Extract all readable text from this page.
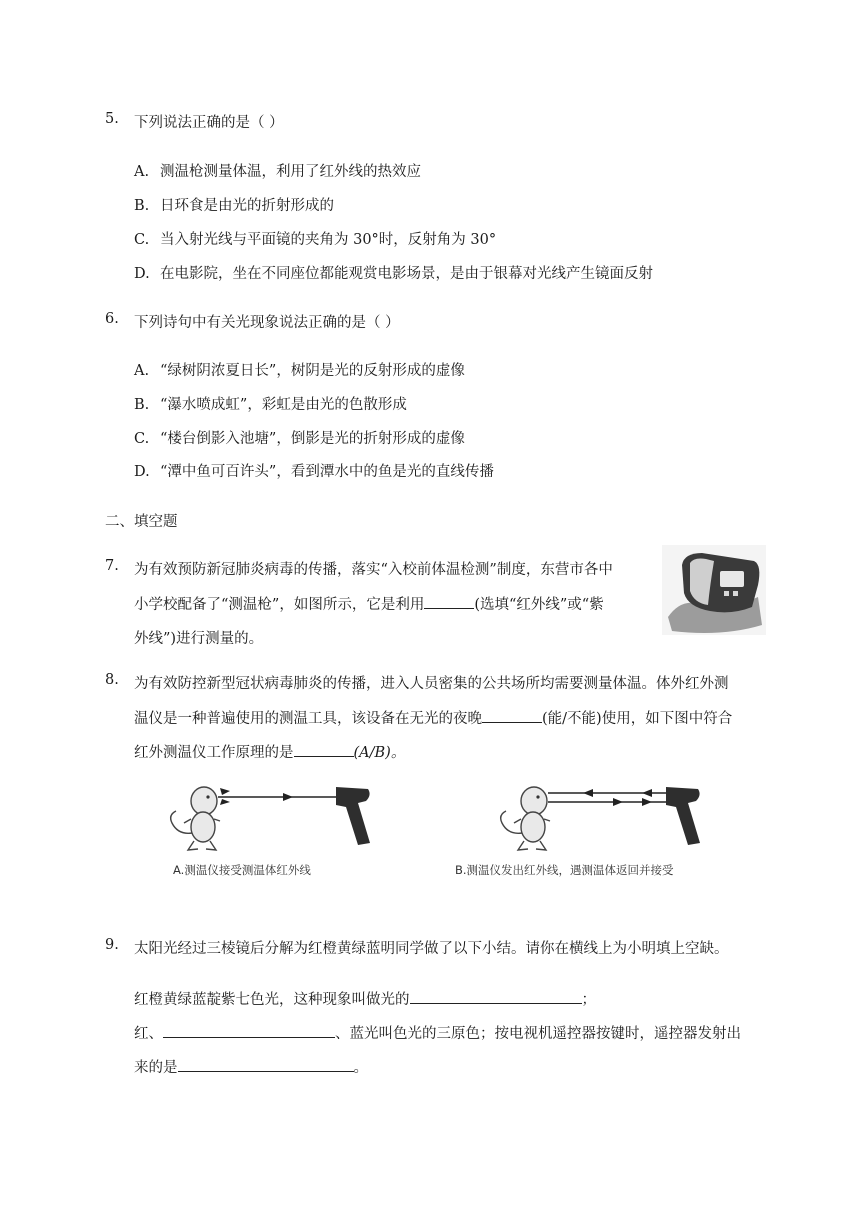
5. 下列说法正确的是（ ）
A. 测温枪测量体温，利用了红外线的热效应
B. 日环食是由光的折射形成的
C. 当入射光线与平面镜的夹角为 30°时，反射角为 30°
D. 在电影院，坐在不同座位都能观赏电影场景，是由于银幕对光线产生镜面反射
6. 下列诗句中有关光现象说法正确的是（ ）
A. “绿树阴浓夏日长”，树阴是光的反射形成的虚像
B. “瀑水喷成虹”，彩虹是由光的色散形成
C. “楼台倒影入池塘”，倒影是光的折射形成的虚像
D. “潭中鱼可百许头”，看到潭水中的鱼是光的直线传播
二、填空题
7. 为有效预防新冠肺炎病毒的传播，落实“入校前体温检测”制度，东营市各中
小学校配备了“测温枪”，如图所示，它是利用	(选填“红外线”或“紫
外线”)进行测量的。
8. 为有效防控新型冠状病毒肺炎的传播，进入人员密集的公共场所均需要测量体温。体外红外测
温仪是一种普遍使用的测温工具，该设备在无光的夜晚	(能/不能)使用，如下图中符合
红外测温仪工作原理的是	(A/B)。
A.测温仪接受测温体红外线	B.测温仪发出红外线，遇测温体返回并接受
9. 太阳光经过三棱镜后分解为红橙黄绿蓝明同学做了以下小结。请你在横线上为小明填上空缺。
红橙黄绿蓝靛紫七色光，这种现象叫做光的	；
红、	、蓝光叫色光的三原色；按电视机遥控器按键时，遥控器发射出
来的是	。
